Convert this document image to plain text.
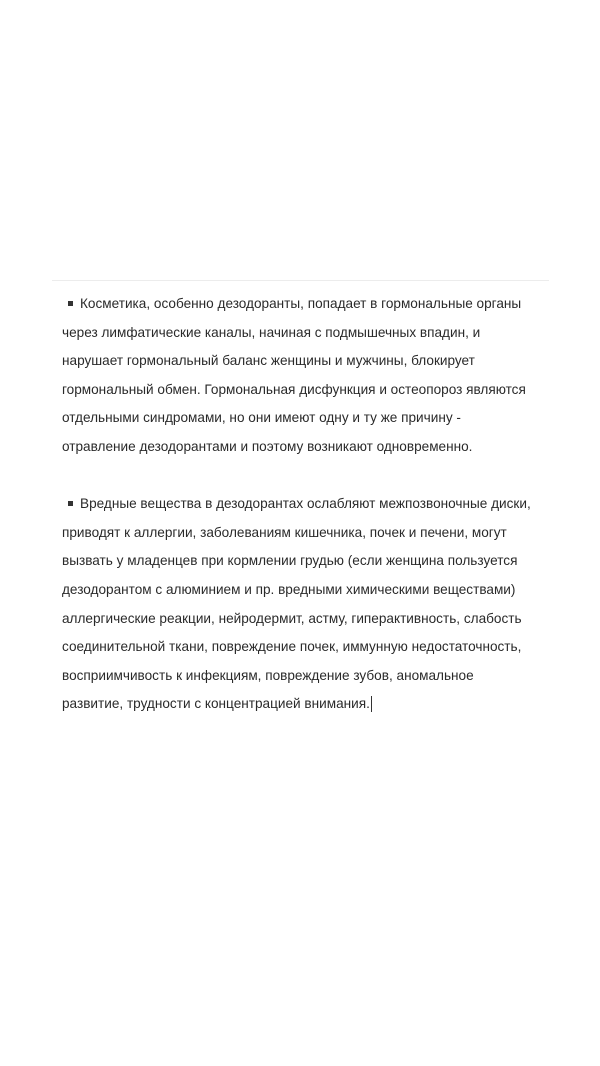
Косметика, особенно дезодоранты, попадает в гормональные органы
через лимфатические каналы, начиная с подмышечных впадин, и
нарушает гормональный баланс женщины и мужчины, блокирует
гормональный обмен. Гормональная дисфункция и остеопороз являются
отдельными синдромами, но они имеют одну и ту же причину -
отравление дезодорантами и поэтому возникают одновременно.
Вредные вещества в дезодорантах ослабляют межпозвоночные диски,
приводят к аллергии, заболеваниям кишечника, почек и печени, могут
вызвать у младенцев при кормлении грудью (если женщина пользуется
дезодорантом с алюминием и пр. вредными химическими веществами)
аллергические реакции, нейродермит, астму, гиперактивность, слабость
соединительной ткани, повреждение почек, иммунную недостаточность,
восприимчивость к инфекциям, повреждение зубов, аномальное
развитие, трудности с концентрацией внимания.
